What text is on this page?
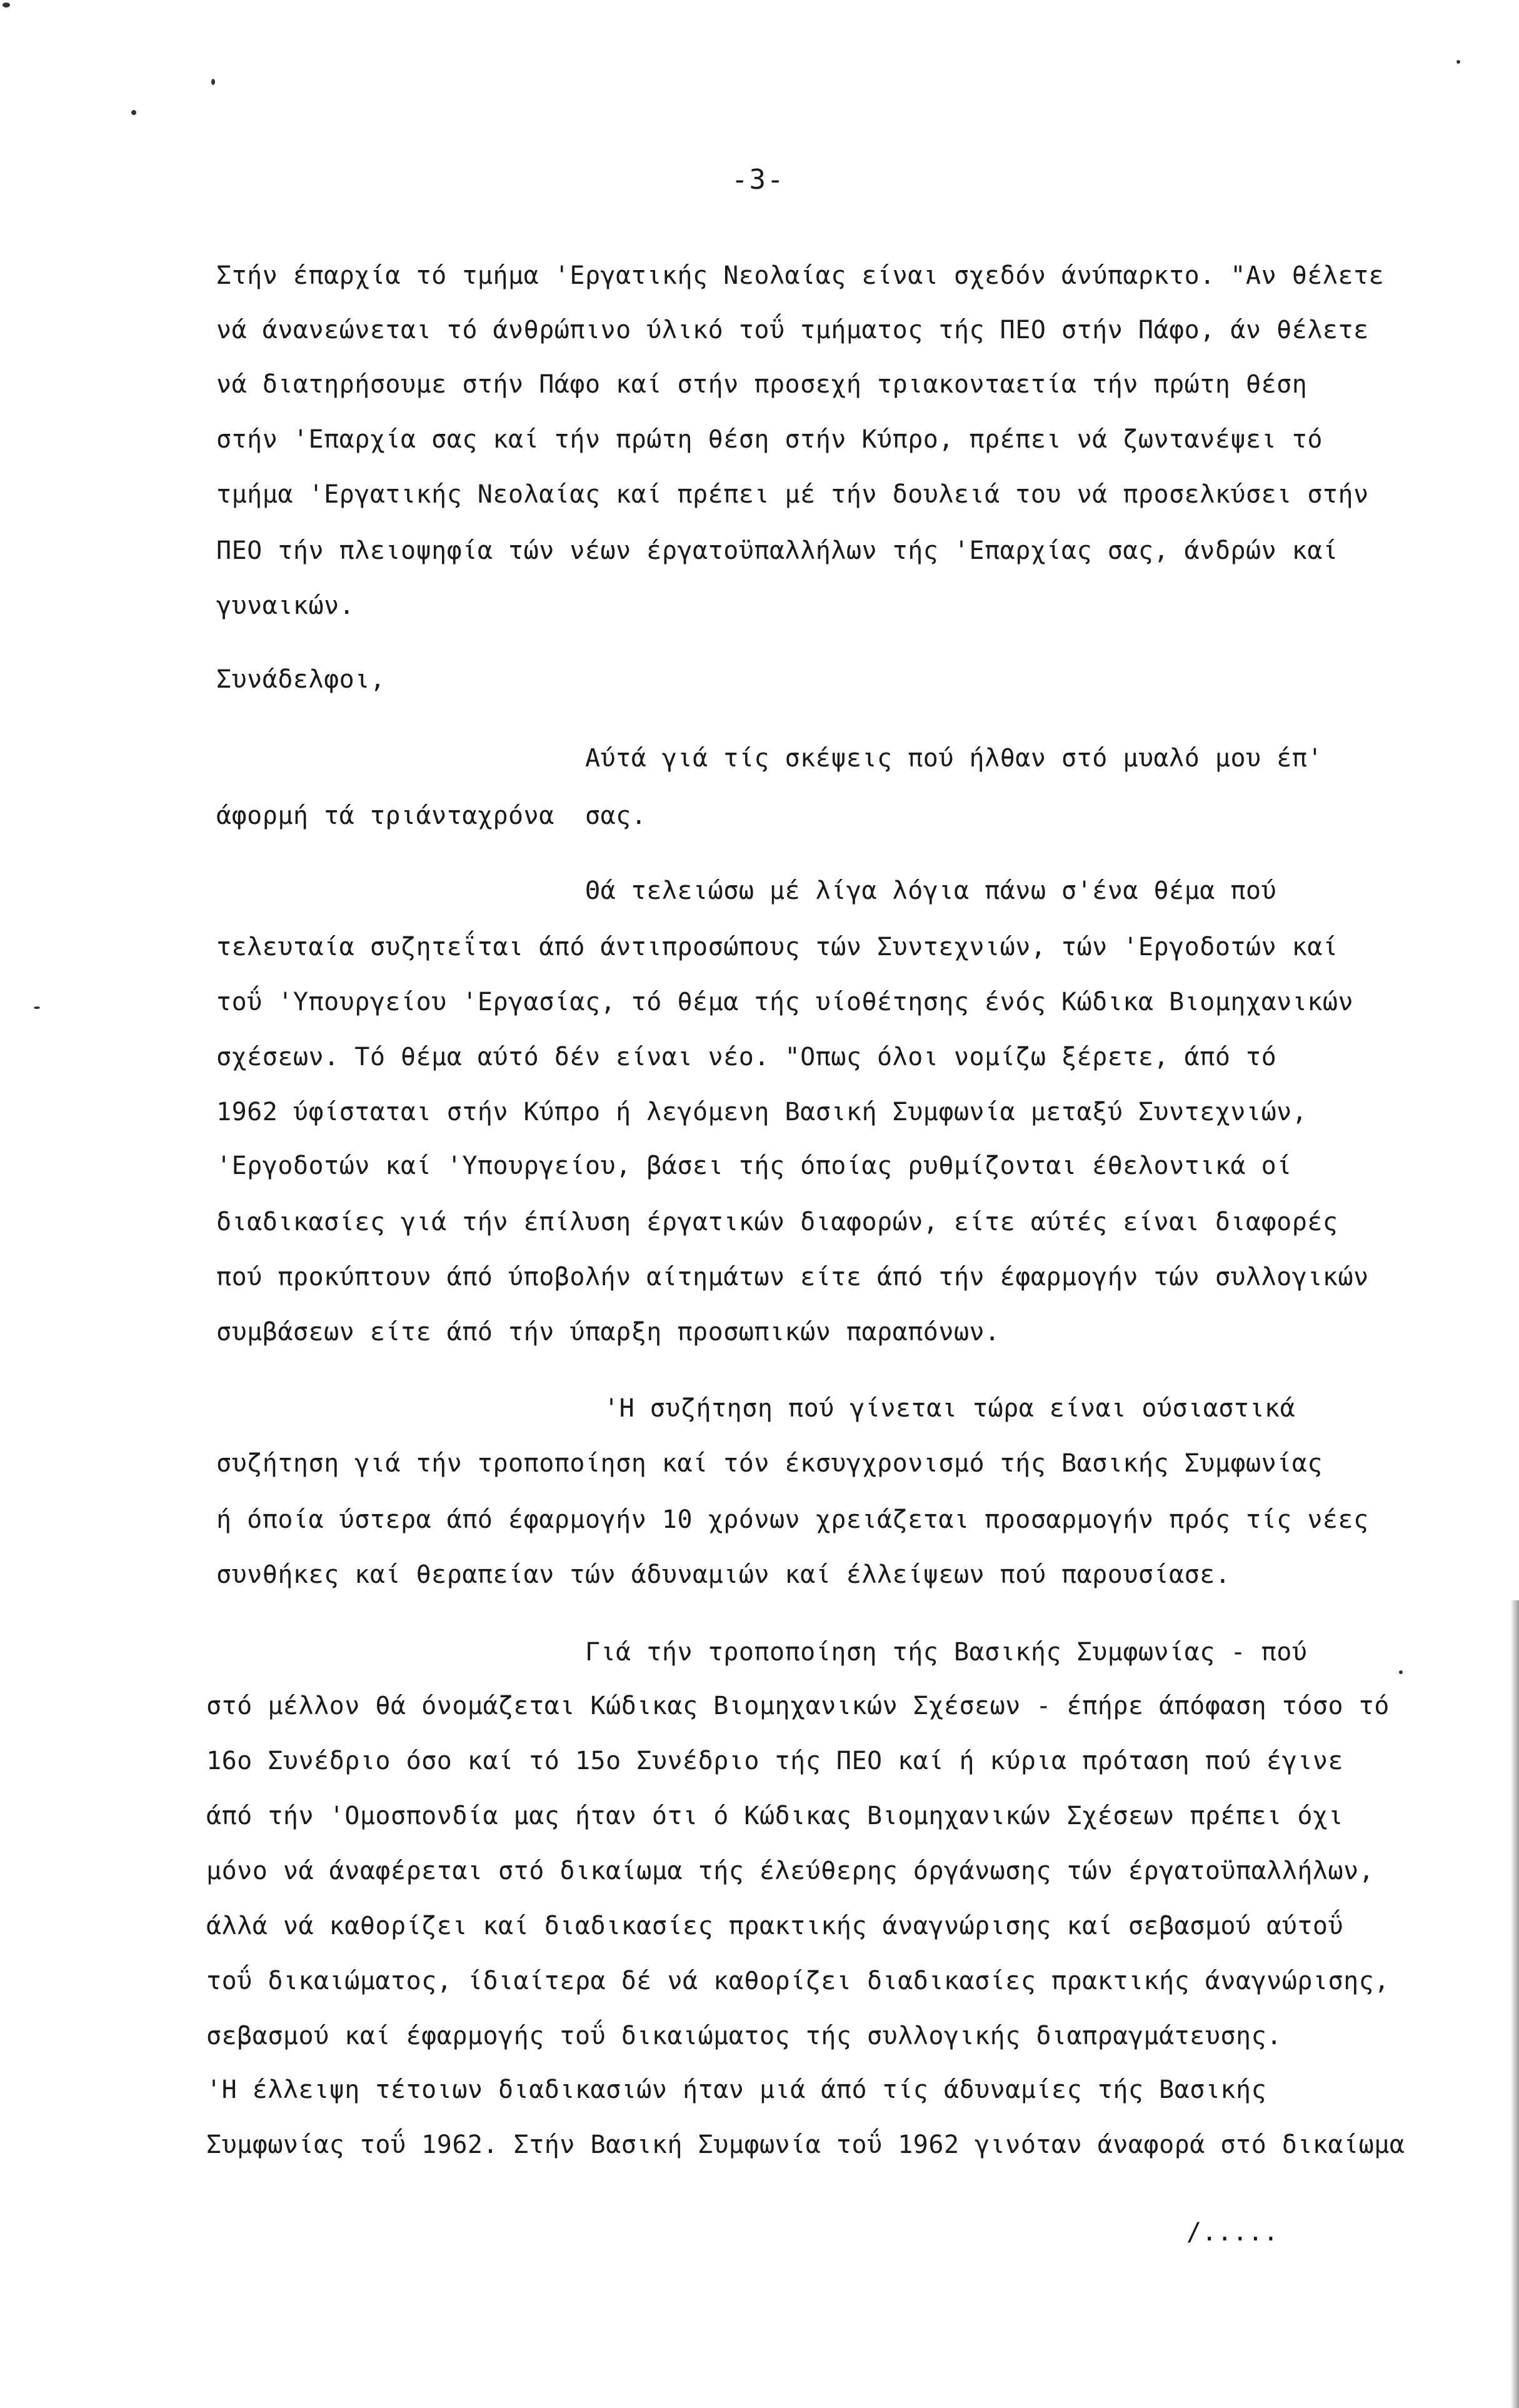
-3-
Στήν έπαρχία τό τμήμα 'Εργατικής Νεολαίας είναι σχεδόν άνύπαρκτο. "Αν θέλετε
νά άνανεώνεται τό άνθρώπινο ύλικό τοΰ τμήματος τής ΠΕΟ στήν Πάφο, άν θέλετε
νά διατηρήσουμε στήν Πάφο καί στήν προσεχή τριακονταετία τήν πρώτη θέση
στήν 'Επαρχία σας καί τήν πρώτη θέση στήν Κύπρο, πρέπει νά ζωντανέψει τό
τμήμα 'Εργατικής Νεολαίας καί πρέπει μέ τήν δουλειά του νά προσελκύσει στήν
ΠΕΟ τήν πλειοψηφία τών νέων έργατοϋπαλλήλων τής 'Επαρχίας σας, άνδρών καί
γυναικών.
Συνάδελφοι,
Αύτά γιά τίς σκέψεις πού ήλθαν στό μυαλό μου έπ'
άφορμή τά τριάνταχρόνα σας.
Θά τελειώσω μέ λίγα λόγια πάνω σ'ένα θέμα πού
τελευταία συζητεΐται άπό άντιπροσώπους τών Συντεχνιών, τών 'Εργοδοτών καί
τοΰ 'Υπουργείου 'Εργασίας, τό θέμα τής υίοθέτησης ένός Κώδικα Βιομηχανικών
σχέσεων. Τό θέμα αύτό δέν είναι νέο. "Οπως όλοι νομίζω ξέρετε, άπό τό
1962 ύφίσταται στήν Κύπρο ή λεγόμενη Βασική Συμφωνία μεταξύ Συντεχνιών,
'Εργοδοτών καί 'Υπουργείου, βάσει τής όποίας ρυθμίζονται έθελοντικά οί
διαδικασίες γιά τήν έπίλυση έργατικών διαφορών, είτε αύτές είναι διαφορές
πού προκύπτουν άπό ύποβολήν αίτημάτων είτε άπό τήν έφαρμογήν τών συλλογικών
συμβάσεων είτε άπό τήν ύπαρξη προσωπικών παραπόνων.
'Η συζήτηση πού γίνεται τώρα είναι ούσιαστικά
συζήτηση γιά τήν τροποποίηση καί τόν έκσυγχρονισμό τής Βασικής Συμφωνίας
ή όποία ύστερα άπό έφαρμογήν 10 χρόνων χρειάζεται προσαρμογήν πρός τίς νέες
συνθήκες καί θεραπείαν τών άδυναμιών καί έλλείψεων πού παρουσίασε.
Γιά τήν τροποποίηση τής Βασικής Συμφωνίας - πού
στό μέλλον θά όνομάζεται Κώδικας Βιομηχανικών Σχέσεων - έπήρε άπόφαση τόσο τό
16ο Συνέδριο όσο καί τό 15ο Συνέδριο τής ΠΕΟ καί ή κύρια πρόταση πού έγινε
άπό τήν 'Ομοσπονδία μας ήταν ότι ό Κώδικας Βιομηχανικών Σχέσεων πρέπει όχι
μόνο νά άναφέρεται στό δικαίωμα τής έλεύθερης όργάνωσης τών έργατοϋπαλλήλων,
άλλά νά καθορίζει καί διαδικασίες πρακτικής άναγνώρισης καί σεβασμού αύτοΰ
τοΰ δικαιώματος, ίδιαίτερα δέ νά καθορίζει διαδικασίες πρακτικής άναγνώρισης,
σεβασμού καί έφαρμογής τοΰ δικαιώματος τής συλλογικής διαπραγμάτευσης.
'Η έλλειψη τέτοιων διαδικασιών ήταν μιά άπό τίς άδυναμίες τής Βασικής
Συμφωνίας τοΰ 1962. Στήν Βασική Συμφωνία τοΰ 1962 γινόταν άναφορά στό δικαίωμα
/.....
